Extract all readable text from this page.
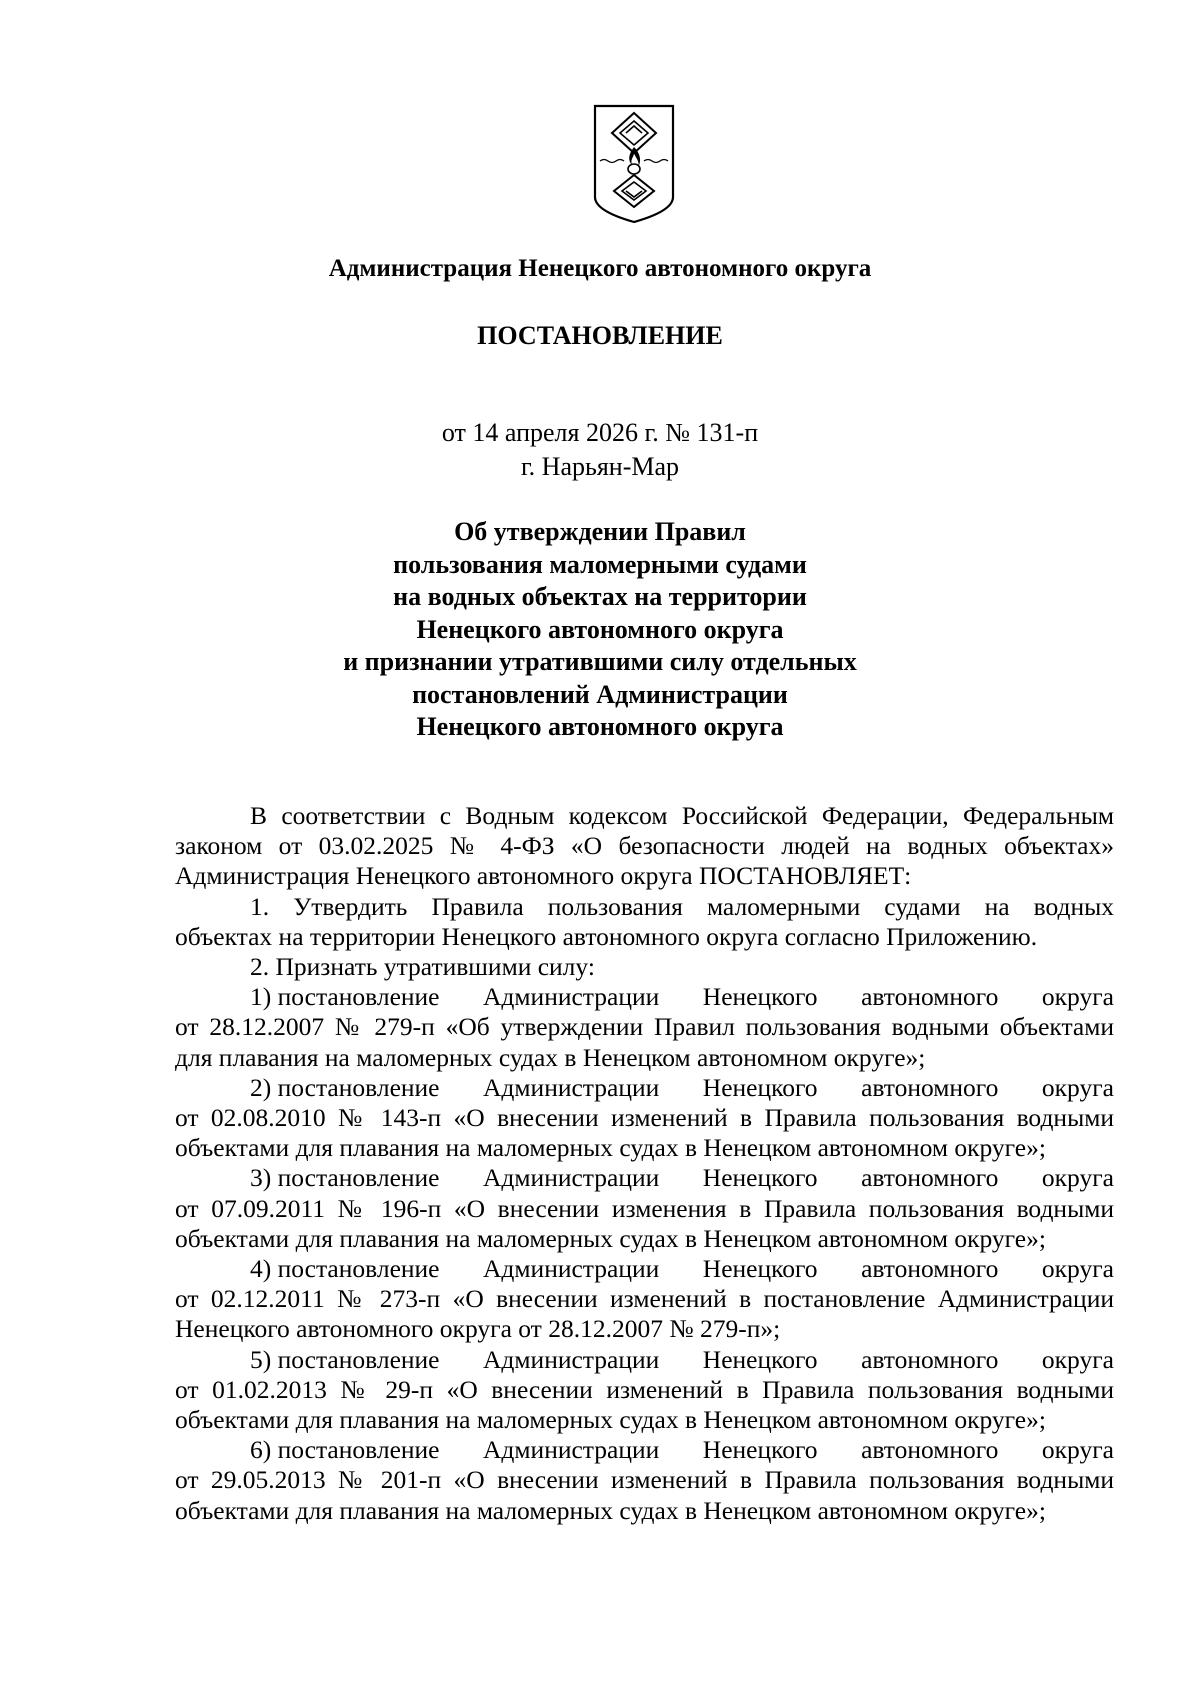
Администрация Ненецкого автономного округа
ПОСТАНОВЛЕНИЕ
от 14 апреля 2026 г. № 131-п
г. Нарьян-Мар
Об утверждении Правил
пользования маломерными судами
на водных объектах на территории
Ненецкого автономного округа
и признании утратившими силу отдельных
постановлений Администрации
Ненецкого автономного округа
В соответствии с Водным кодексом Российской Федерации, Федеральным
законом от 03.02.2025 № 4-ФЗ «О безопасности людей на водных объектах»
Администрация Ненецкого автономного округа ПОСТАНОВЛЯЕТ:
1. Утвердить Правила пользования маломерными судами на водных
объектах на территории Ненецкого автономного округа согласно Приложению.
2. Признать утратившими силу:
1) постановление Администрации Ненецкого автономного округа
от 28.12.2007 № 279-п «Об утверждении Правил пользования водными объектами
для плавания на маломерных судах в Ненецком автономном округе»;
2) постановление Администрации Ненецкого автономного округа
от 02.08.2010 № 143-п «О внесении изменений в Правила пользования водными
объектами для плавания на маломерных судах в Ненецком автономном округе»;
3) постановление Администрации Ненецкого автономного округа
от 07.09.2011 № 196-п «О внесении изменения в Правила пользования водными
объектами для плавания на маломерных судах в Ненецком автономном округе»;
4) постановление Администрации Ненецкого автономного округа
от 02.12.2011 № 273-п «О внесении изменений в постановление Администрации
Ненецкого автономного округа от 28.12.2007 № 279-п»;
5) постановление Администрации Ненецкого автономного округа
от 01.02.2013 № 29-п «О внесении изменений в Правила пользования водными
объектами для плавания на маломерных судах в Ненецком автономном округе»;
6) постановление Администрации Ненецкого автономного округа
от 29.05.2013 № 201-п «О внесении изменений в Правила пользования водными
объектами для плавания на маломерных судах в Ненецком автономном округе»;
